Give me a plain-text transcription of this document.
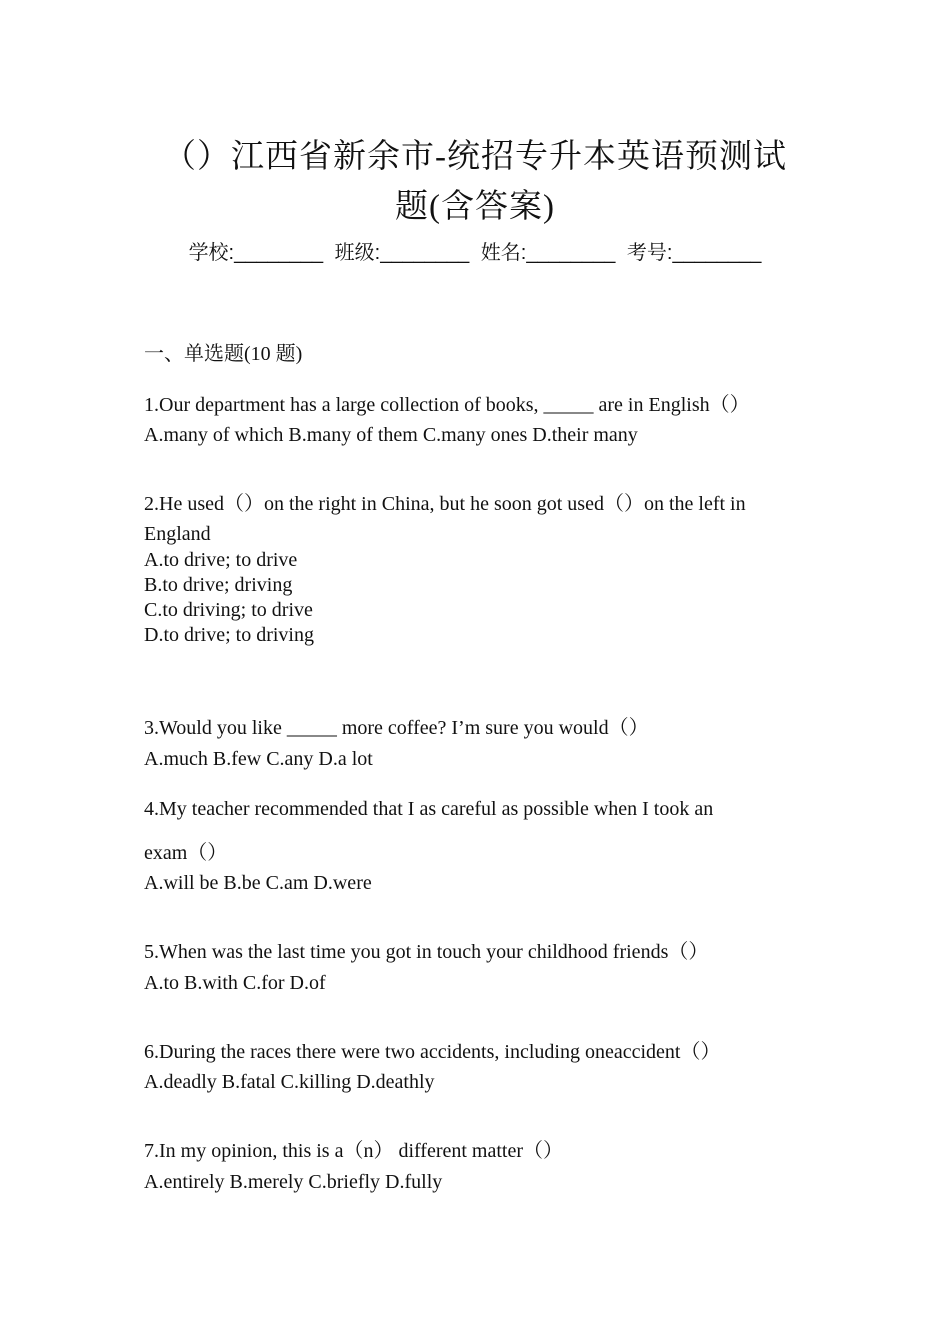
（）江西省新余市-统招专升本英语预测试
题(含答案)
学校:________ 班级:________ 姓名:________ 考号:________
一、单选题(10 题)
1.Our department has a large collection of books, _____ are in English（）
A.many of which B.many of them C.many ones D.their many
2.He used（）on the right in China, but he soon got used（）on the left in
England
A.to drive; to drive
B.to drive; driving
C.to driving; to drive
D.to drive; to driving
3.Would you like _____ more coffee? I’m sure you would（）
A.much B.few C.any D.a lot
4.My teacher recommended that I as careful as possible when I took an
exam（）
A.will be B.be C.am D.were
5.When was the last time you got in touch your childhood friends（）
A.to B.with C.for D.of
6.During the races there were two accidents, including oneaccident（）
A.deadly B.fatal C.killing D.deathly
7.In my opinion, this is a（n） different matter（）
A.entirely B.merely C.briefly D.fully
